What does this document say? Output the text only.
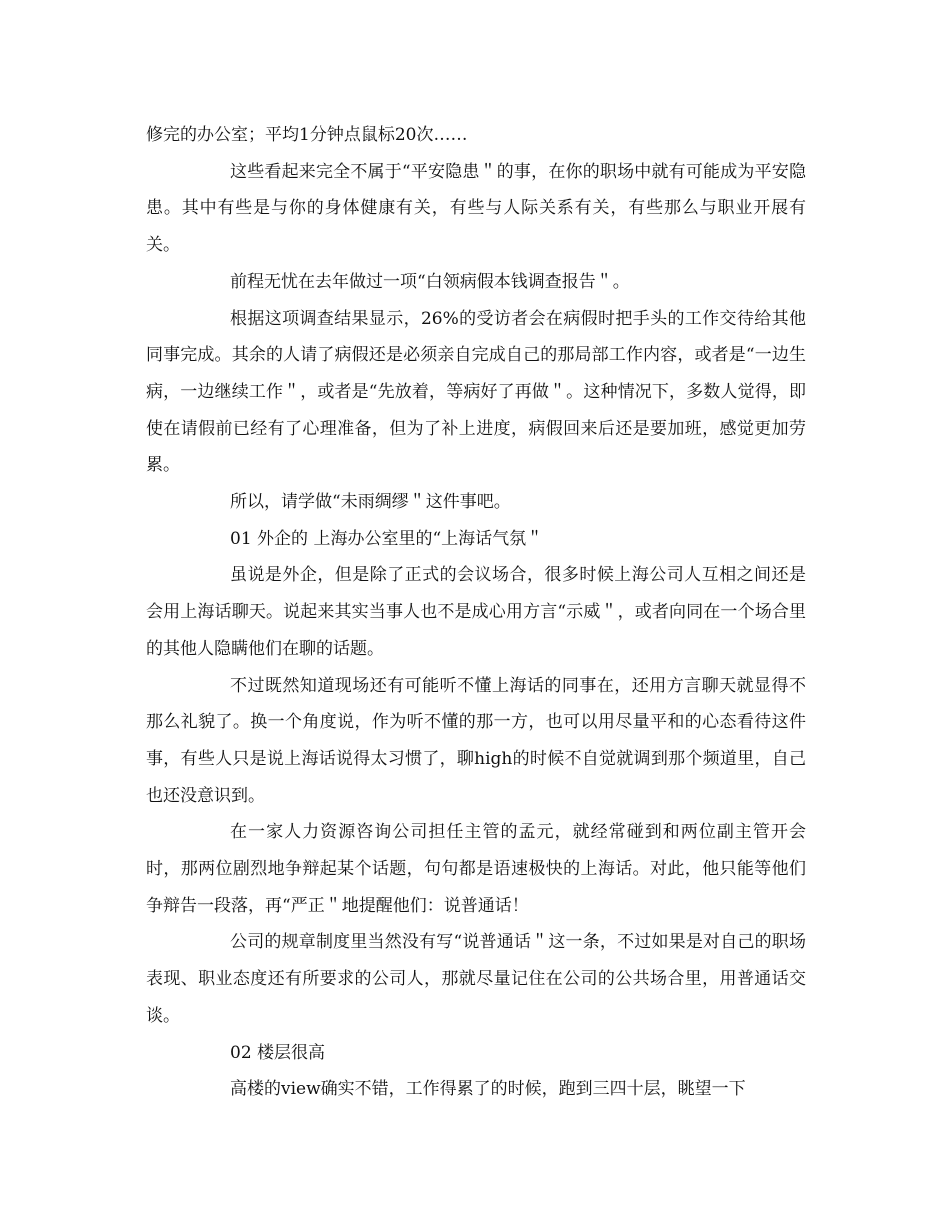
修完的办公室；平均1分钟点鼠标20次……

这些看起来完全不属于“平安隐患＂的事，在你的职场中就有可能成为平安隐患。其中有些是与你的身体健康有关，有些与人际关系有关，有些那么与职业开展有关。

前程无忧在去年做过一项“白领病假本钱调查报告＂。

根据这项调查结果显示，26%的受访者会在病假时把手头的工作交待给其他同事完成。其余的人请了病假还是必须亲自完成自己的那局部工作内容，或者是“一边生病，一边继续工作＂，或者是“先放着，等病好了再做＂。这种情况下，多数人觉得，即使在请假前已经有了心理准备，但为了补上进度，病假回来后还是要加班，感觉更加劳累。

所以，请学做“未雨绸缪＂这件事吧。

01 外企的 上海办公室里的“上海话气氛＂

虽说是外企，但是除了正式的会议场合，很多时候上海公司人互相之间还是会用上海话聊天。说起来其实当事人也不是成心用方言“示威＂，或者向同在一个场合里的其他人隐瞒他们在聊的话题。

不过既然知道现场还有可能听不懂上海话的同事在，还用方言聊天就显得不那么礼貌了。换一个角度说，作为听不懂的那一方，也可以用尽量平和的心态看待这件事，有些人只是说上海话说得太习惯了，聊high的时候不自觉就调到那个频道里，自己也还没意识到。

在一家人力资源咨询公司担任主管的孟元，就经常碰到和两位副主管开会时，那两位剧烈地争辩起某个话题，句句都是语速极快的上海话。对此，他只能等他们争辩告一段落，再“严正＂地提醒他们：说普通话！

公司的规章制度里当然没有写“说普通话＂这一条，不过如果是对自己的职场表现、职业态度还有所要求的公司人，那就尽量记住在公司的公共场合里，用普通话交谈。

02 楼层很高

高楼的view确实不错，工作得累了的时候，跑到三四十层，眺望一下
